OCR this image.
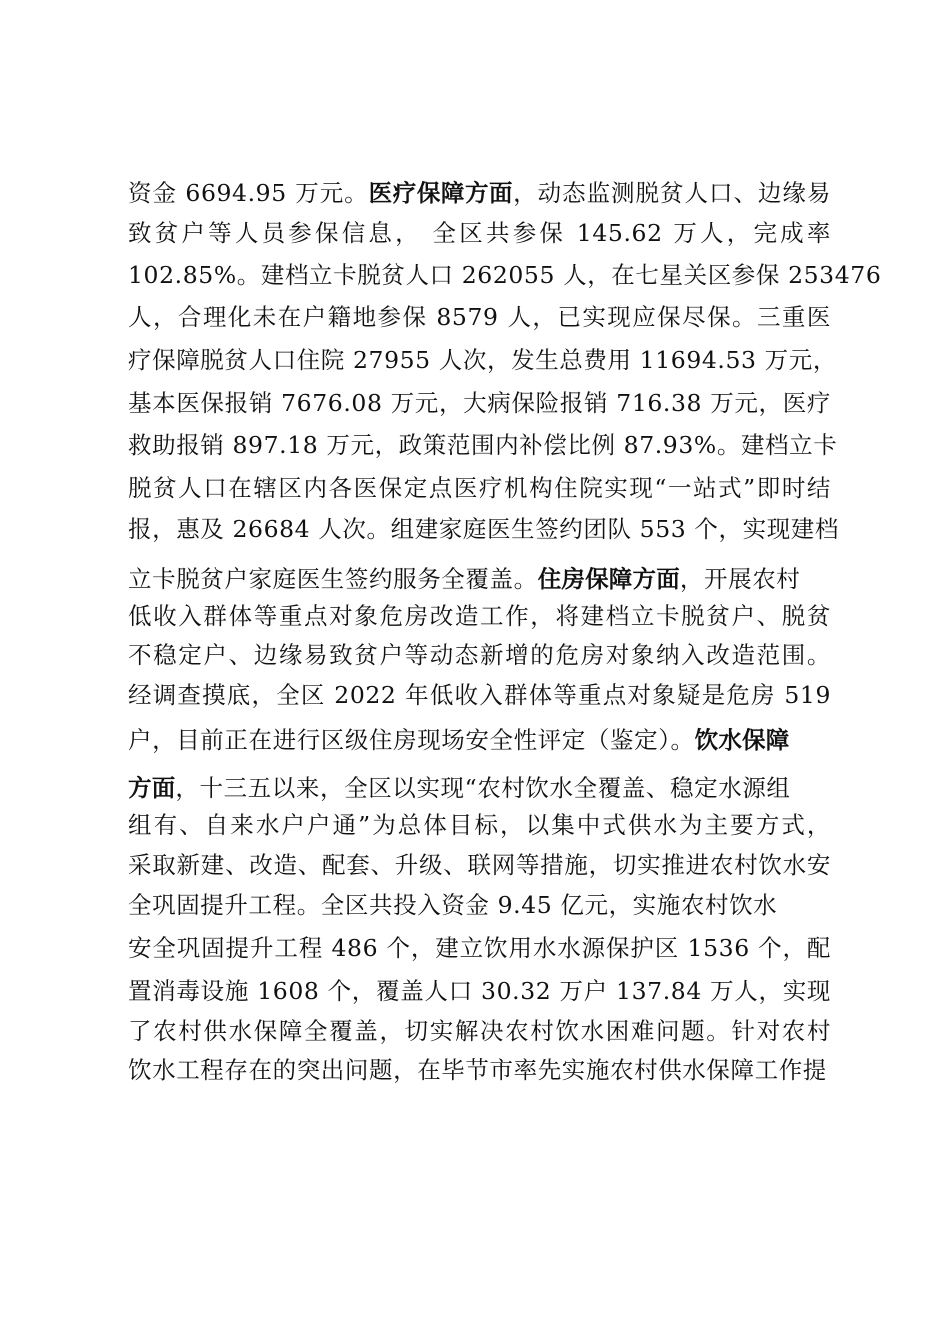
资金 6694.95 万元。医疗保障方面，动态监测脱贫人口、边缘易
致贫户等人员参保信息， 全区共参保 145.62 万人，完成率
102.85%。建档立卡脱贫人口 262055 人，在七星关区参保 253476
人，合理化未在户籍地参保 8579 人，已实现应保尽保。三重医
疗保障脱贫人口住院 27955 人次，发生总费用 11694.53 万元，
基本医保报销 7676.08 万元，大病保险报销 716.38 万元，医疗
救助报销 897.18 万元，政策范围内补偿比例 87.93%。建档立卡
脱贫人口在辖区内各医保定点医疗机构住院实现“一站式”即时结
报，惠及 26684 人次。组建家庭医生签约团队 553 个，实现建档
立卡脱贫户家庭医生签约服务全覆盖。住房保障方面，开展农村
低收入群体等重点对象危房改造工作，将建档立卡脱贫户、脱贫
不稳定户、边缘易致贫户等动态新增的危房对象纳入改造范围。
经调查摸底，全区 2022 年低收入群体等重点对象疑是危房 519
户，目前正在进行区级住房现场安全性评定（鉴定）。饮水保障
方面，十三五以来，全区以实现“农村饮水全覆盖、稳定水源组
组有、自来水户户通”为总体目标，以集中式供水为主要方式，
采取新建、改造、配套、升级、联网等措施，切实推进农村饮水安
全巩固提升工程。全区共投入资金 9.45 亿元，实施农村饮水
安全巩固提升工程 486 个，建立饮用水水源保护区 1536 个，配
置消毒设施 1608 个，覆盖人口 30.32 万户 137.84 万人，实现
了农村供水保障全覆盖，切实解决农村饮水困难问题。针对农村
饮水工程存在的突出问题，在毕节市率先实施农村供水保障工作提
